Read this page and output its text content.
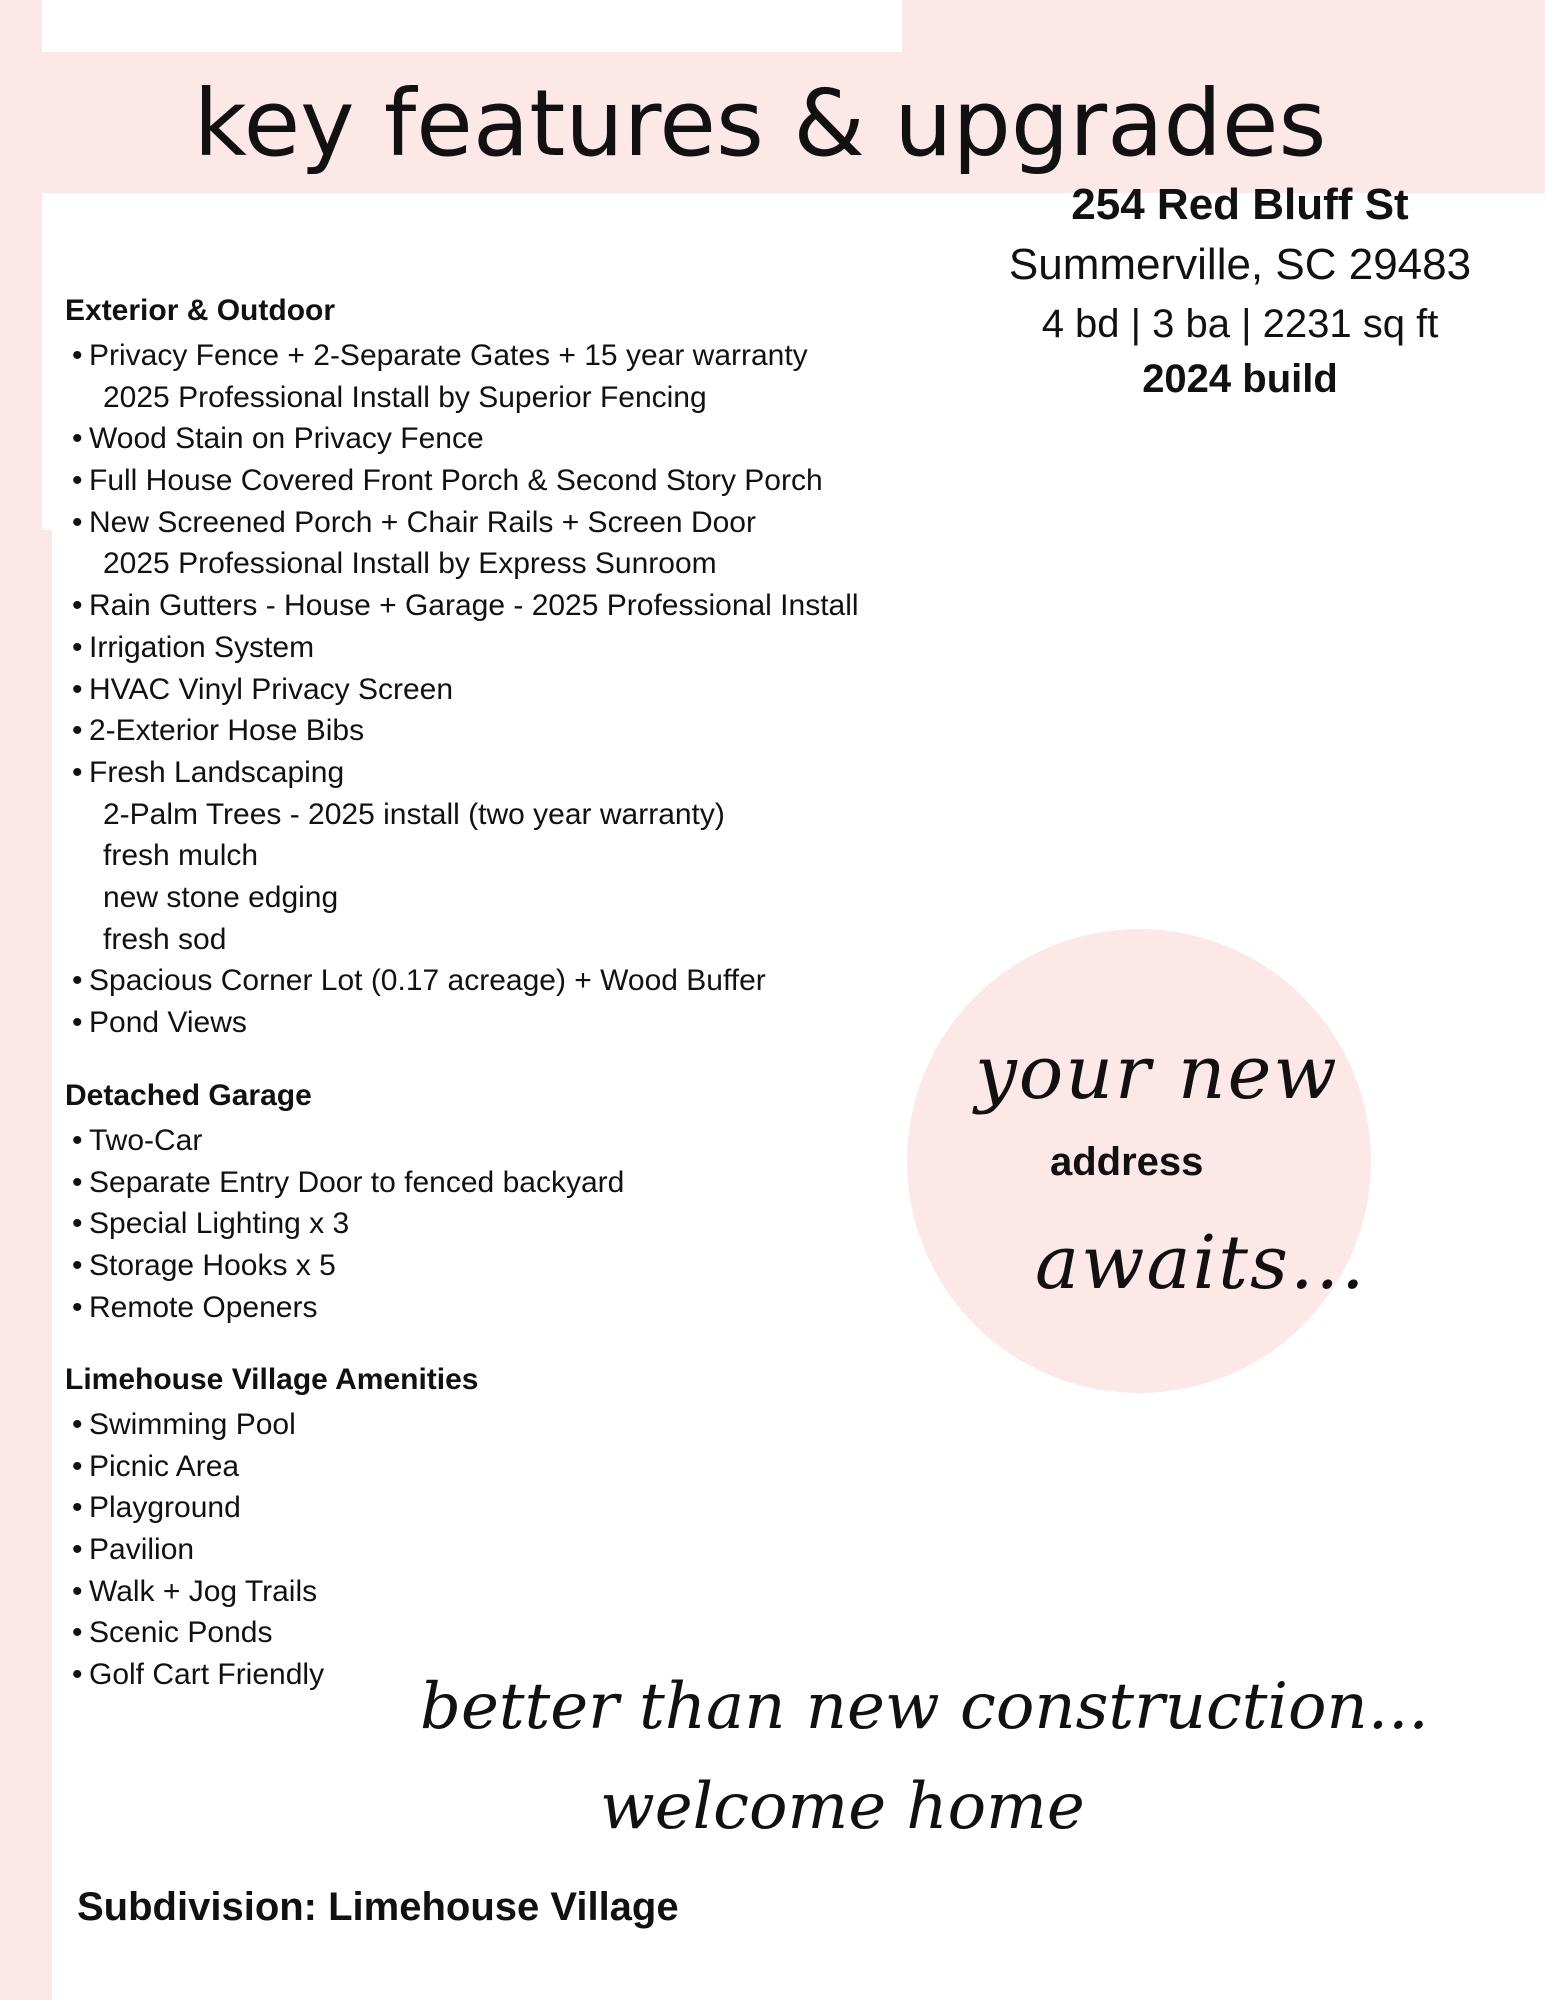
key features & upgrades

254 Red Bluff St

Summerville, SC 29483

4 bd | 3 ba | 2231 sq ft

2024 build

Exterior & Outdoor
• Privacy Fence + 2-Separate Gates + 15 year warranty
2025 Professional Install by Superior Fencing
• Wood Stain on Privacy Fence
• Full House Covered Front Porch & Second Story Porch
• New Screened Porch + Chair Rails + Screen Door
2025 Professional Install by Express Sunroom
• Rain Gutters - House + Garage - 2025 Professional Install
• Irrigation System
• HVAC Vinyl Privacy Screen
• 2-Exterior Hose Bibs
• Fresh Landscaping
2-Palm Trees - 2025 install (two year warranty)
fresh mulch
new stone edging
fresh sod
• Spacious Corner Lot (0.17 acreage) + Wood Buffer
• Pond Views
Detached Garage
• Two-Car
• Separate Entry Door to fenced backyard
• Special Lighting x 3
• Storage Hooks x 5
• Remote Openers
Limehouse Village Amenities
• Swimming Pool
• Picnic Area
• Playground
• Pavilion
• Walk + Jog Trails
• Scenic Ponds
• Golf Cart Friendly

your new

address

awaits...

better than new construction...

welcome home

Subdivision: Limehouse Village
